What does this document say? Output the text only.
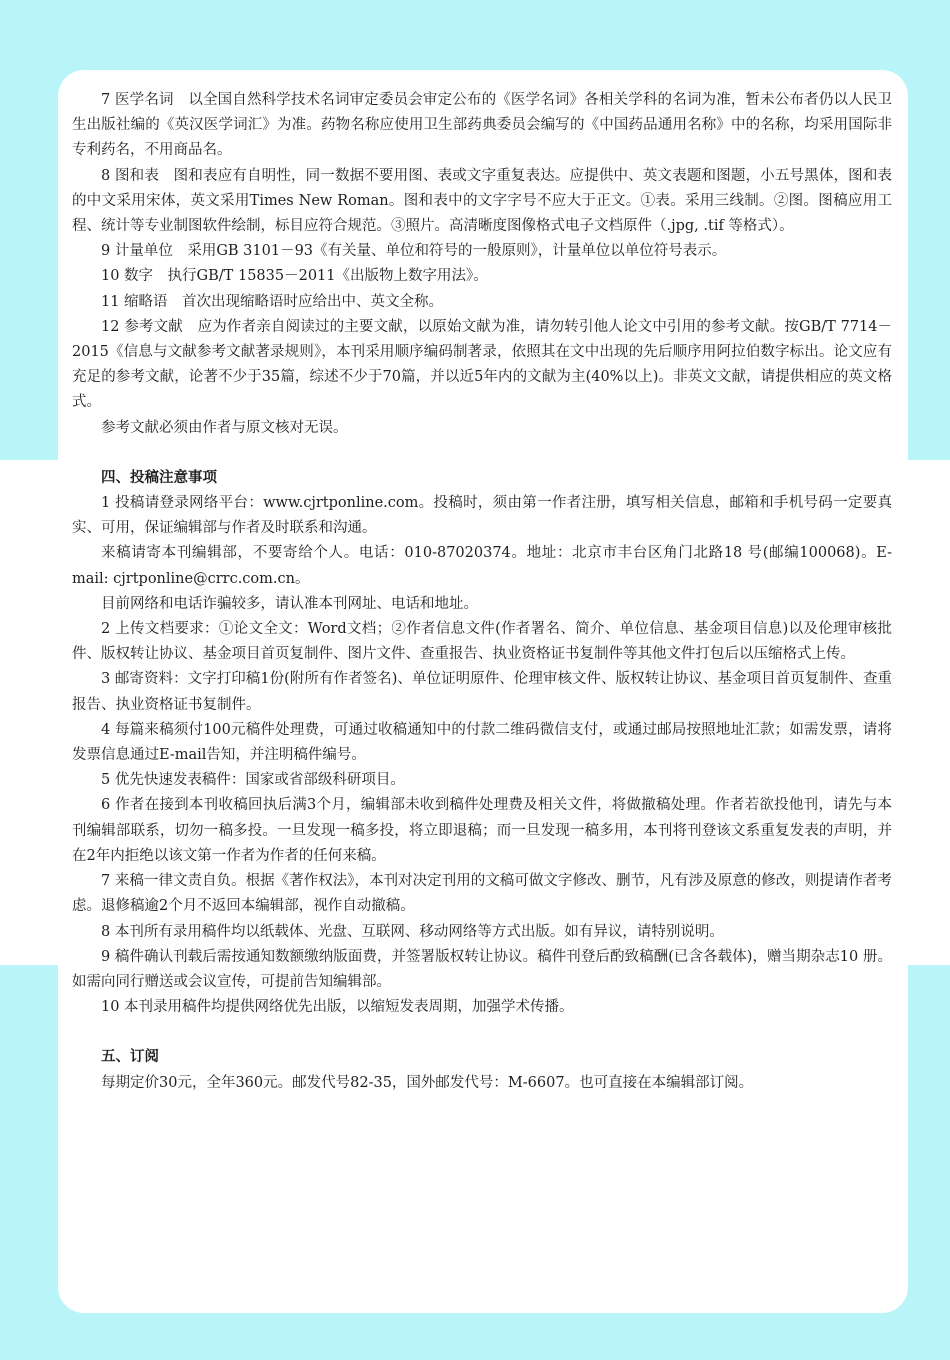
7 医学名词　以全国自然科学技术名词审定委员会审定公布的《医学名词》各相关学科的名词为准，暂未公布者仍以人民卫生出版社编的《英汉医学词汇》为准。药物名称应使用卫生部药典委员会编写的《中国药品通用名称》中的名称，均采用国际非专利药名，不用商品名。

8 图和表　图和表应有自明性，同一数据不要用图、表或文字重复表达。应提供中、英文表题和图题，小五号黑体，图和表的中文采用宋体，英文采用Times New Roman。图和表中的文字字号不应大于正文。①表。采用三线制。②图。图稿应用工程、统计等专业制图软件绘制，标目应符合规范。③照片。高清晰度图像格式电子文档原件（.jpg, .tif 等格式）。

9 计量单位　采用GB 3101－93《有关量、单位和符号的一般原则》，计量单位以单位符号表示。

10 数字　执行GB/T 15835－2011《出版物上数字用法》。

11 缩略语　首次出现缩略语时应给出中、英文全称。

12 参考文献　应为作者亲自阅读过的主要文献，以原始文献为准，请勿转引他人论文中引用的参考文献。按GB/T 7714－2015《信息与文献参考文献著录规则》，本刊采用顺序编码制著录，依照其在文中出现的先后顺序用阿拉伯数字标出。论文应有充足的参考文献，论著不少于35篇，综述不少于70篇，并以近5年内的文献为主(40%以上)。非英文文献，请提供相应的英文格式。

参考文献必须由作者与原文核对无误。

四、投稿注意事项

1 投稿请登录网络平台：www.cjrtponline.com。投稿时，须由第一作者注册，填写相关信息，邮箱和手机号码一定要真实、可用，保证编辑部与作者及时联系和沟通。

来稿请寄本刊编辑部，不要寄给个人。电话：010-87020374。地址：北京市丰台区角门北路18 号(邮编100068)。E-mail: cjrtponline@crrc.com.cn。

目前网络和电话诈骗较多，请认准本刊网址、电话和地址。

2 上传文档要求：①论文全文：Word文档；②作者信息文件(作者署名、简介、单位信息、基金项目信息)以及伦理审核批件、版权转让协议、基金项目首页复制件、图片文件、查重报告、执业资格证书复制件等其他文件打包后以压缩格式上传。

3 邮寄资料：文字打印稿1份(附所有作者签名)、单位证明原件、伦理审核文件、版权转让协议、基金项目首页复制件、查重报告、执业资格证书复制件。

4 每篇来稿须付100元稿件处理费，可通过收稿通知中的付款二维码微信支付，或通过邮局按照地址汇款；如需发票，请将发票信息通过E-mail告知，并注明稿件编号。

5 优先快速发表稿件：国家或省部级科研项目。

6 作者在接到本刊收稿回执后满3个月，编辑部未收到稿件处理费及相关文件，将做撤稿处理。作者若欲投他刊，请先与本刊编辑部联系，切勿一稿多投。一旦发现一稿多投，将立即退稿；而一旦发现一稿多用，本刊将刊登该文系重复发表的声明，并在2年内拒绝以该文第一作者为作者的任何来稿。

7 来稿一律文责自负。根据《著作权法》，本刊对决定刊用的文稿可做文字修改、删节，凡有涉及原意的修改，则提请作者考虑。退修稿逾2个月不返回本编辑部，视作自动撤稿。

8 本刊所有录用稿件均以纸载体、光盘、互联网、移动网络等方式出版。如有异议，请特别说明。

9 稿件确认刊载后需按通知数额缴纳版面费，并签署版权转让协议。稿件刊登后酌致稿酬(已含各载体)，赠当期杂志10 册。如需向同行赠送或会议宣传，可提前告知编辑部。

10 本刊录用稿件均提供网络优先出版，以缩短发表周期，加强学术传播。

五、订阅

每期定价30元，全年360元。邮发代号82-35，国外邮发代号：M-6607。也可直接在本编辑部订阅。
